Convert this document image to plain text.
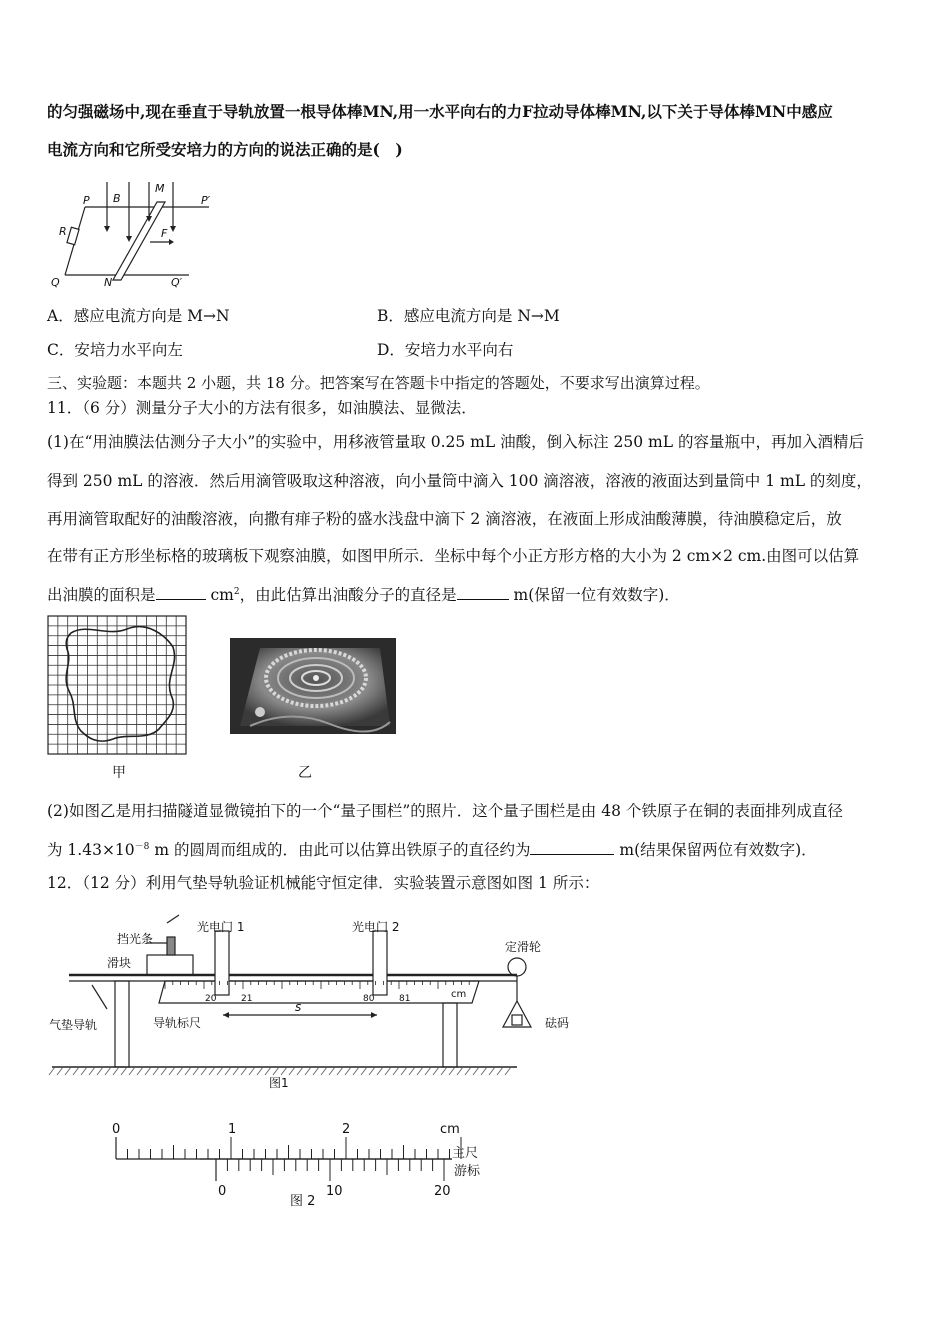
的匀强磁场中,现在垂直于导轨放置一根导体棒MN,用一水平向右的力F拉动导体棒MN,以下关于导体棒MN中感应
电流方向和它所受安培力的方向的说法正确的是(　)
P B
M
P′
R	F
Q	N	Q′
A．感应电流方向是 M→N	B．感应电流方向是 N→M
C．安培力水平向左	D．安培力水平向右
三、实验题：本题共 2 小题，共 18 分。把答案写在答题卡中指定的答题处，不要求写出演算过程。
11．（6 分）测量分子大小的方法有很多，如油膜法、显微法．
(1)在“用油膜法估测分子大小”的实验中，用移液管量取 0.25 mL 油酸，倒入标注 250 mL 的容量瓶中，再加入酒精后
得到 250 mL 的溶液．然后用滴管吸取这种溶液，向小量筒中滴入 100 滴溶液，溶液的液面达到量筒中 1 mL 的刻度，
再用滴管取配好的油酸溶液，向撒有痱子粉的盛水浅盘中滴下 2 滴溶液，在液面上形成油酸薄膜，待油膜稳定后，放
在带有正方形坐标格的玻璃板下观察油膜，如图甲所示．坐标中每个小正方形方格的大小为 2 cm×2 cm.由图可以估算
出油膜的面积是	$cm^2$，由此估算出油酸分子的直径是	m(保留一位有效数字)．
甲	乙
(2)如图乙是用扫描隧道显微镜拍下的一个“量子围栏”的照片．这个量子围栏是由 48 个铁原子在铜的表面排列成直径
为 $1.43\times 10^{-8}$ m 的圆周而组成的．由此可以估算出铁原子的直径约为	m(结果保留两位有效数字)．
12．（12 分）利用气垫导轨验证机械能守恒定律．实验装置示意图如图 1 所示：
挡光条
滑块
光电门 1	光电门 2
定滑轮
气垫导轨	导轨标尺
s
砝码
cm
20	21	80	81
图1
0	1	2	cm
主尺
游标
0	10	20
图 2
